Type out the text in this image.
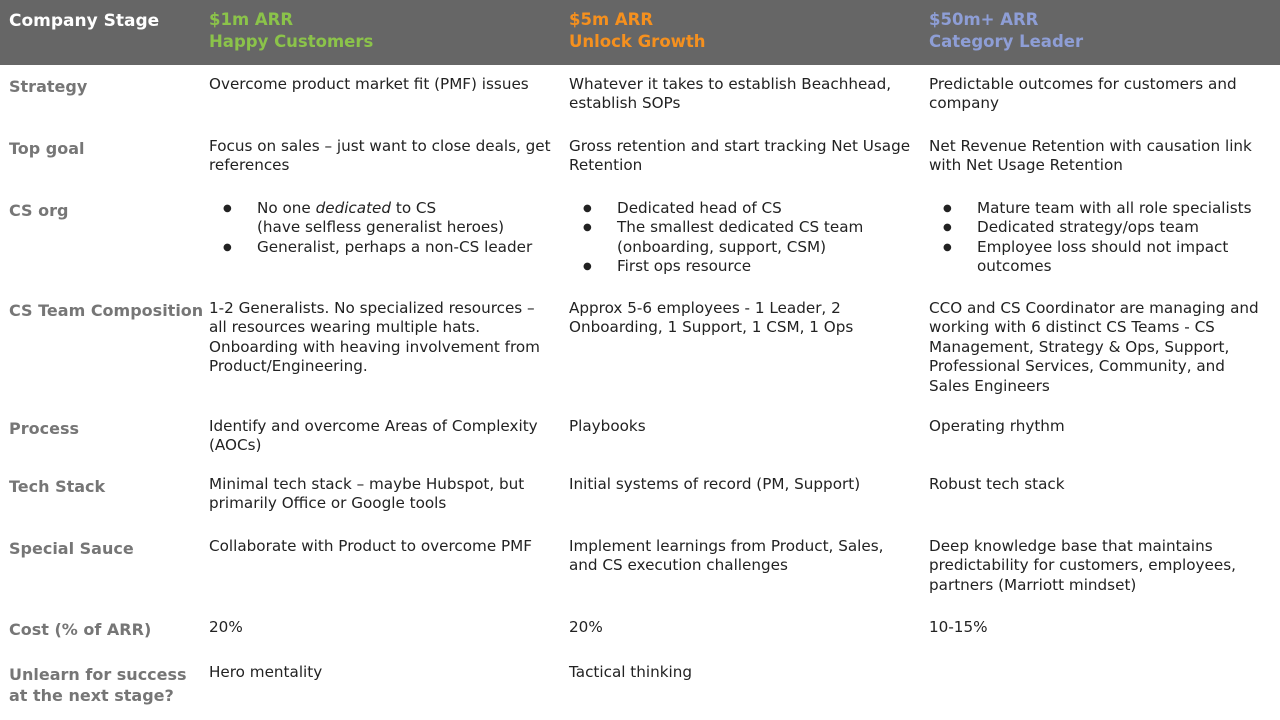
Company Stage	$1m ARR
Happy Customers
$5m ARR
Unlock Growth
$50m+ ARR
Category Leader
Strategy	Overcome product market fit (PMF) issues	Whatever it takes to establish Beachhead, establish SOPs
Predictable outcomes for customers and company
Top goal	Focus on sales – just want to close deals, get references
Gross retention and start tracking Net Usage Retention
Net Revenue Retention with causation link with Net Usage Retention
CS org
●	No one dedicated to CS
(have selfless generalist heroes)
● Generalist, perhaps a non-CS leader
● Dedicated head of CS
● The smallest dedicated CS team (onboarding, support, CSM)
● First ops resource
● Mature team with all role specialists
● Dedicated strategy/ops team
● Employee loss should not impact outcomes
CS Team Composition 1-2 Generalists. No specialized resources – all resources wearing multiple hats.
Onboarding with heaving involvement from Product/Engineering.
Approx 5-6 employees - 1 Leader, 2 Onboarding, 1 Support, 1 CSM, 1 Ops
CCO and CS Coordinator are managing and working with 6 distinct CS Teams - CS Management, Strategy & Ops, Support, Professional Services, Community, and Sales Engineers
Process	Identify and overcome Areas of Complexity (AOCs)
Playbooks	Operating rhythm
Tech Stack	Minimal tech stack – maybe Hubspot, but primarily Office or Google tools
Initial systems of record (PM, Support)	Robust tech stack
Special Sauce	Collaborate with Product to overcome PMF	Implement learnings from Product, Sales, and CS execution challenges
Deep knowledge base that maintains predictability for customers, employees, partners (Marriott mindset)
Cost (% of ARR)	20%	20%	10-15%
Unlearn for success at the next stage?
Hero mentality	Tactical thinking
